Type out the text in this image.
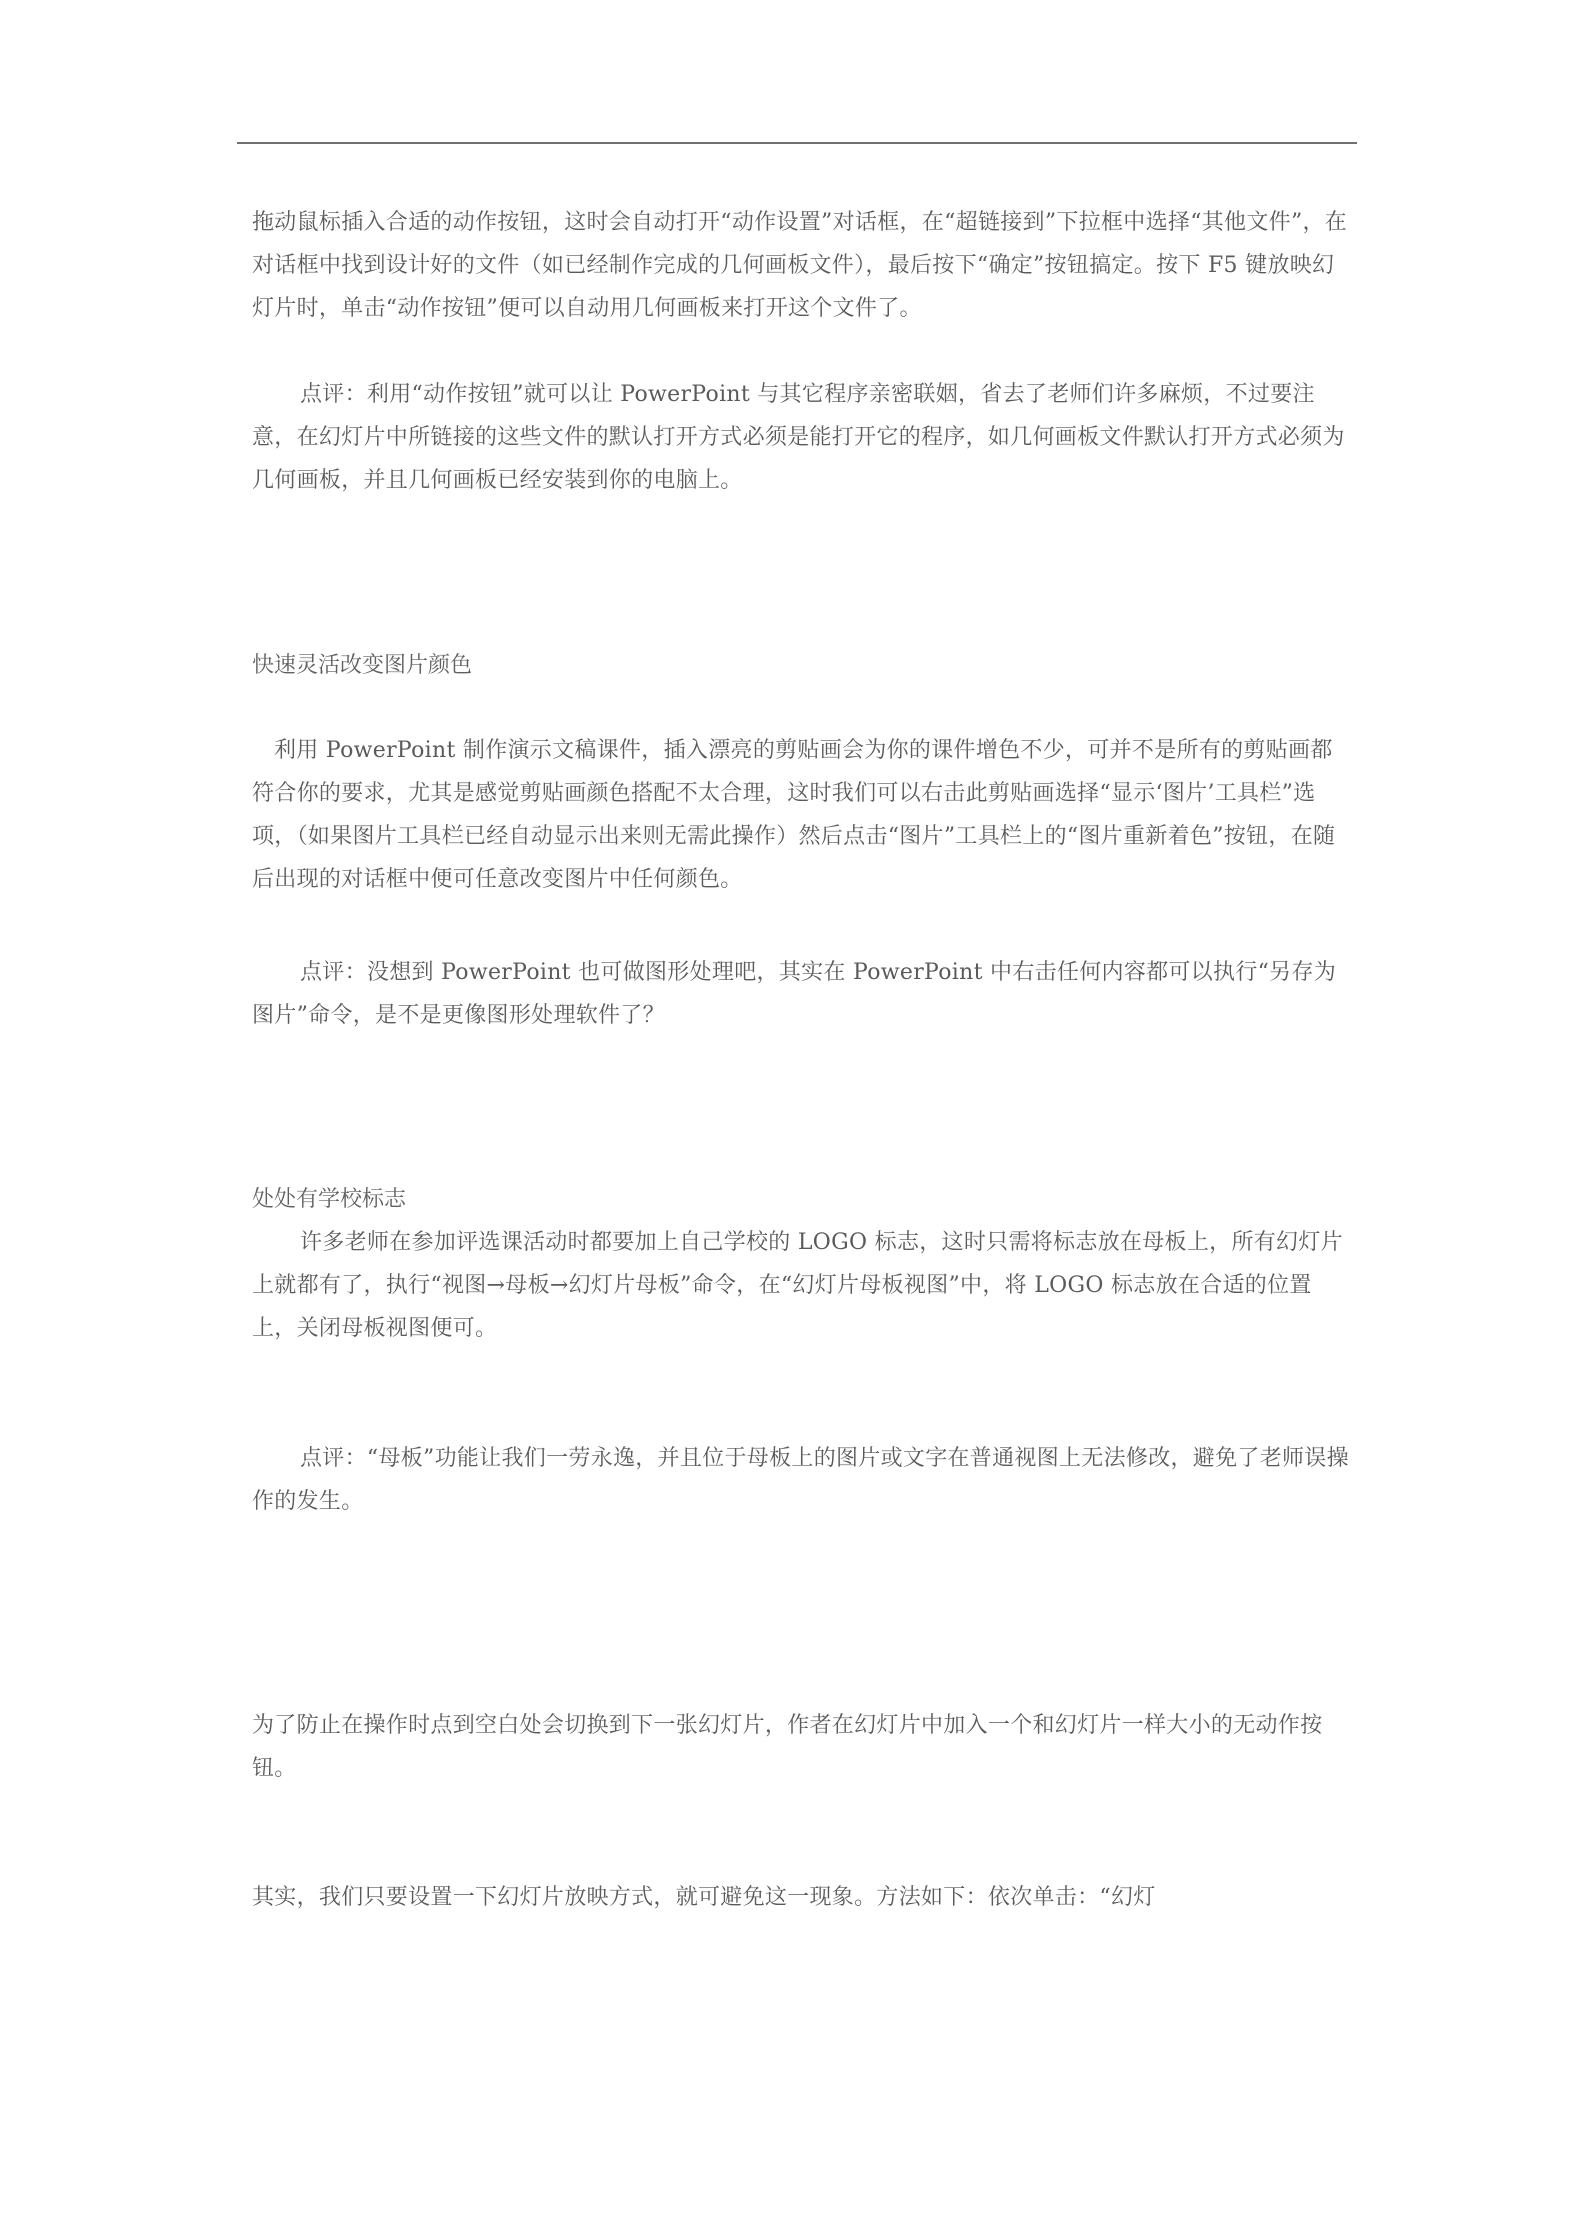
拖动鼠标插入合适的动作按钮，这时会自动打开“动作设置”对话框，在“超链接到”下拉框中选择“其他文件”，在对话框中找到设计好的文件（如已经制作完成的几何画板文件），最后按下“确定”按钮搞定。按下 F5 键放映幻灯片时，单击“动作按钮”便可以自动用几何画板来打开这个文件了。

点评：利用“动作按钮”就可以让 PowerPoint 与其它程序亲密联姻，省去了老师们许多麻烦，不过要注意，在幻灯片中所链接的这些文件的默认打开方式必须是能打开它的程序，如几何画板文件默认打开方式必须为几何画板，并且几何画板已经安装到你的电脑上。

快速灵活改变图片颜色

利用 PowerPoint 制作演示文稿课件，插入漂亮的剪贴画会为你的课件增色不少，可并不是所有的剪贴画都符合你的要求，尤其是感觉剪贴画颜色搭配不太合理，这时我们可以右击此剪贴画选择“显示‘图片’工具栏”选项，（如果图片工具栏已经自动显示出来则无需此操作）然后点击“图片”工具栏上的“图片重新着色”按钮，在随后出现的对话框中便可任意改变图片中任何颜色。

点评：没想到 PowerPoint 也可做图形处理吧，其实在 PowerPoint 中右击任何内容都可以执行“另存为图片”命令，是不是更像图形处理软件了？

处处有学校标志

许多老师在参加评选课活动时都要加上自己学校的 LOGO 标志，这时只需将标志放在母板上，所有幻灯片上就都有了，执行“视图→母板→幻灯片母板”命令，在“幻灯片母板视图”中，将 LOGO 标志放在合适的位置上，关闭母板视图便可。

点评：“母板”功能让我们一劳永逸，并且位于母板上的图片或文字在普通视图上无法修改，避免了老师误操作的发生。

为了防止在操作时点到空白处会切换到下一张幻灯片，作者在幻灯片中加入一个和幻灯片一样大小的无动作按钮。

其实，我们只要设置一下幻灯片放映方式，就可避免这一现象。方法如下：依次单击：“幻灯
